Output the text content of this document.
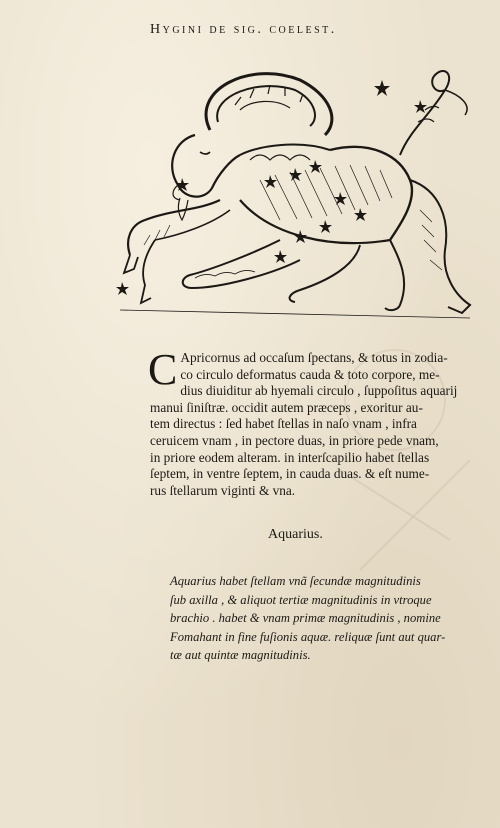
Hygini de sig. coelest.
C Apricornus ad occaſum ſpectans, & totus in zodia-
co circulo deformatus cauda & toto corpore, me-
dius diuiditur ab hyemali circulo , ſuppoſitus aquarij
manui ſiniſtræ. occidit autem præceps , exoritur au-
tem directus : ſed habet ſtellas in naſo vnam , infra
ceruicem vnam , in pectore duas, in priore pede vnam,
in priore eodem alteram. in interſcapilio habet ſtellas
ſeptem, in ventre ſeptem, in cauda duas. & eſt nume-
rus ſtellarum viginti & vna.
Aquarius.
Aquarius habet ſtellam vnã ſecundæ magnitudinis
ſub axilla , & aliquot tertiæ magnitudinis in vtroque
brachio . habet & vnam primæ magnitudinis , nomine
Fomahant in fine fuſionis aquæ. reliquæ ſunt aut quar-
tæ aut quintæ magnitudinis.
